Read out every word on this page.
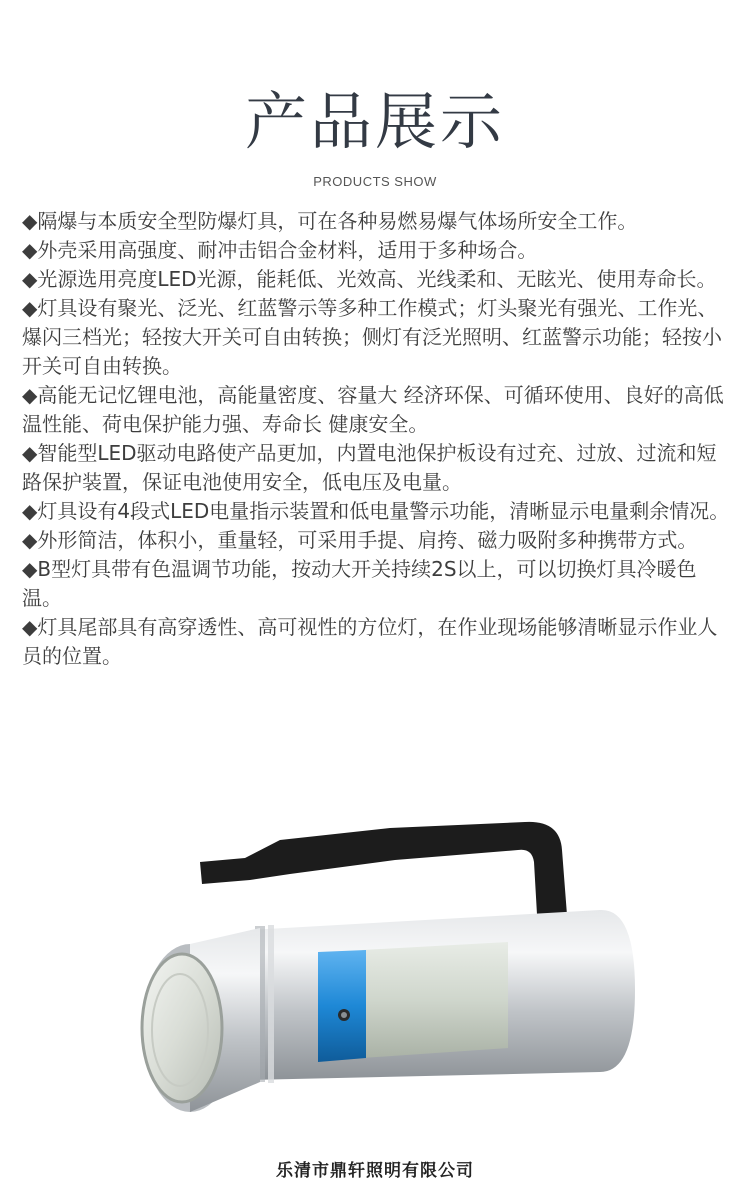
产品展示
PRODUCTS SHOW
◆隔爆与本质安全型防爆灯具，可在各种易燃易爆气体场所安全工作。
◆外壳采用高强度、耐冲击铝合金材料，适用于多种场合。
◆光源选用亮度LED光源，能耗低、光效高、光线柔和、无眩光、使用寿命长。
◆灯具设有聚光、泛光、红蓝警示等多种工作模式；灯头聚光有强光、工作光、爆闪三档光；轻按大开关可自由转换；侧灯有泛光照明、红蓝警示功能；轻按小开关可自由转换。
◆高能无记忆锂电池，高能量密度、容量大 经济环保、可循环使用、良好的高低温性能、荷电保护能力强、寿命长 健康安全。
◆智能型LED驱动电路使产品更加，内置电池保护板设有过充、过放、过流和短路保护装置，保证电池使用安全，低电压及电量。
◆灯具设有4段式LED电量指示装置和低电量警示功能，清晰显示电量剩余情况。
◆外形简洁，体积小，重量轻，可采用手提、肩挎、磁力吸附多种携带方式。
◆B型灯具带有色温调节功能，按动大开关持续2S以上，可以切换灯具冷暖色温。
◆灯具尾部具有高穿透性、高可视性的方位灯，在作业现场能够清晰显示作业人员的位置。
乐清市鼎轩照明有限公司
